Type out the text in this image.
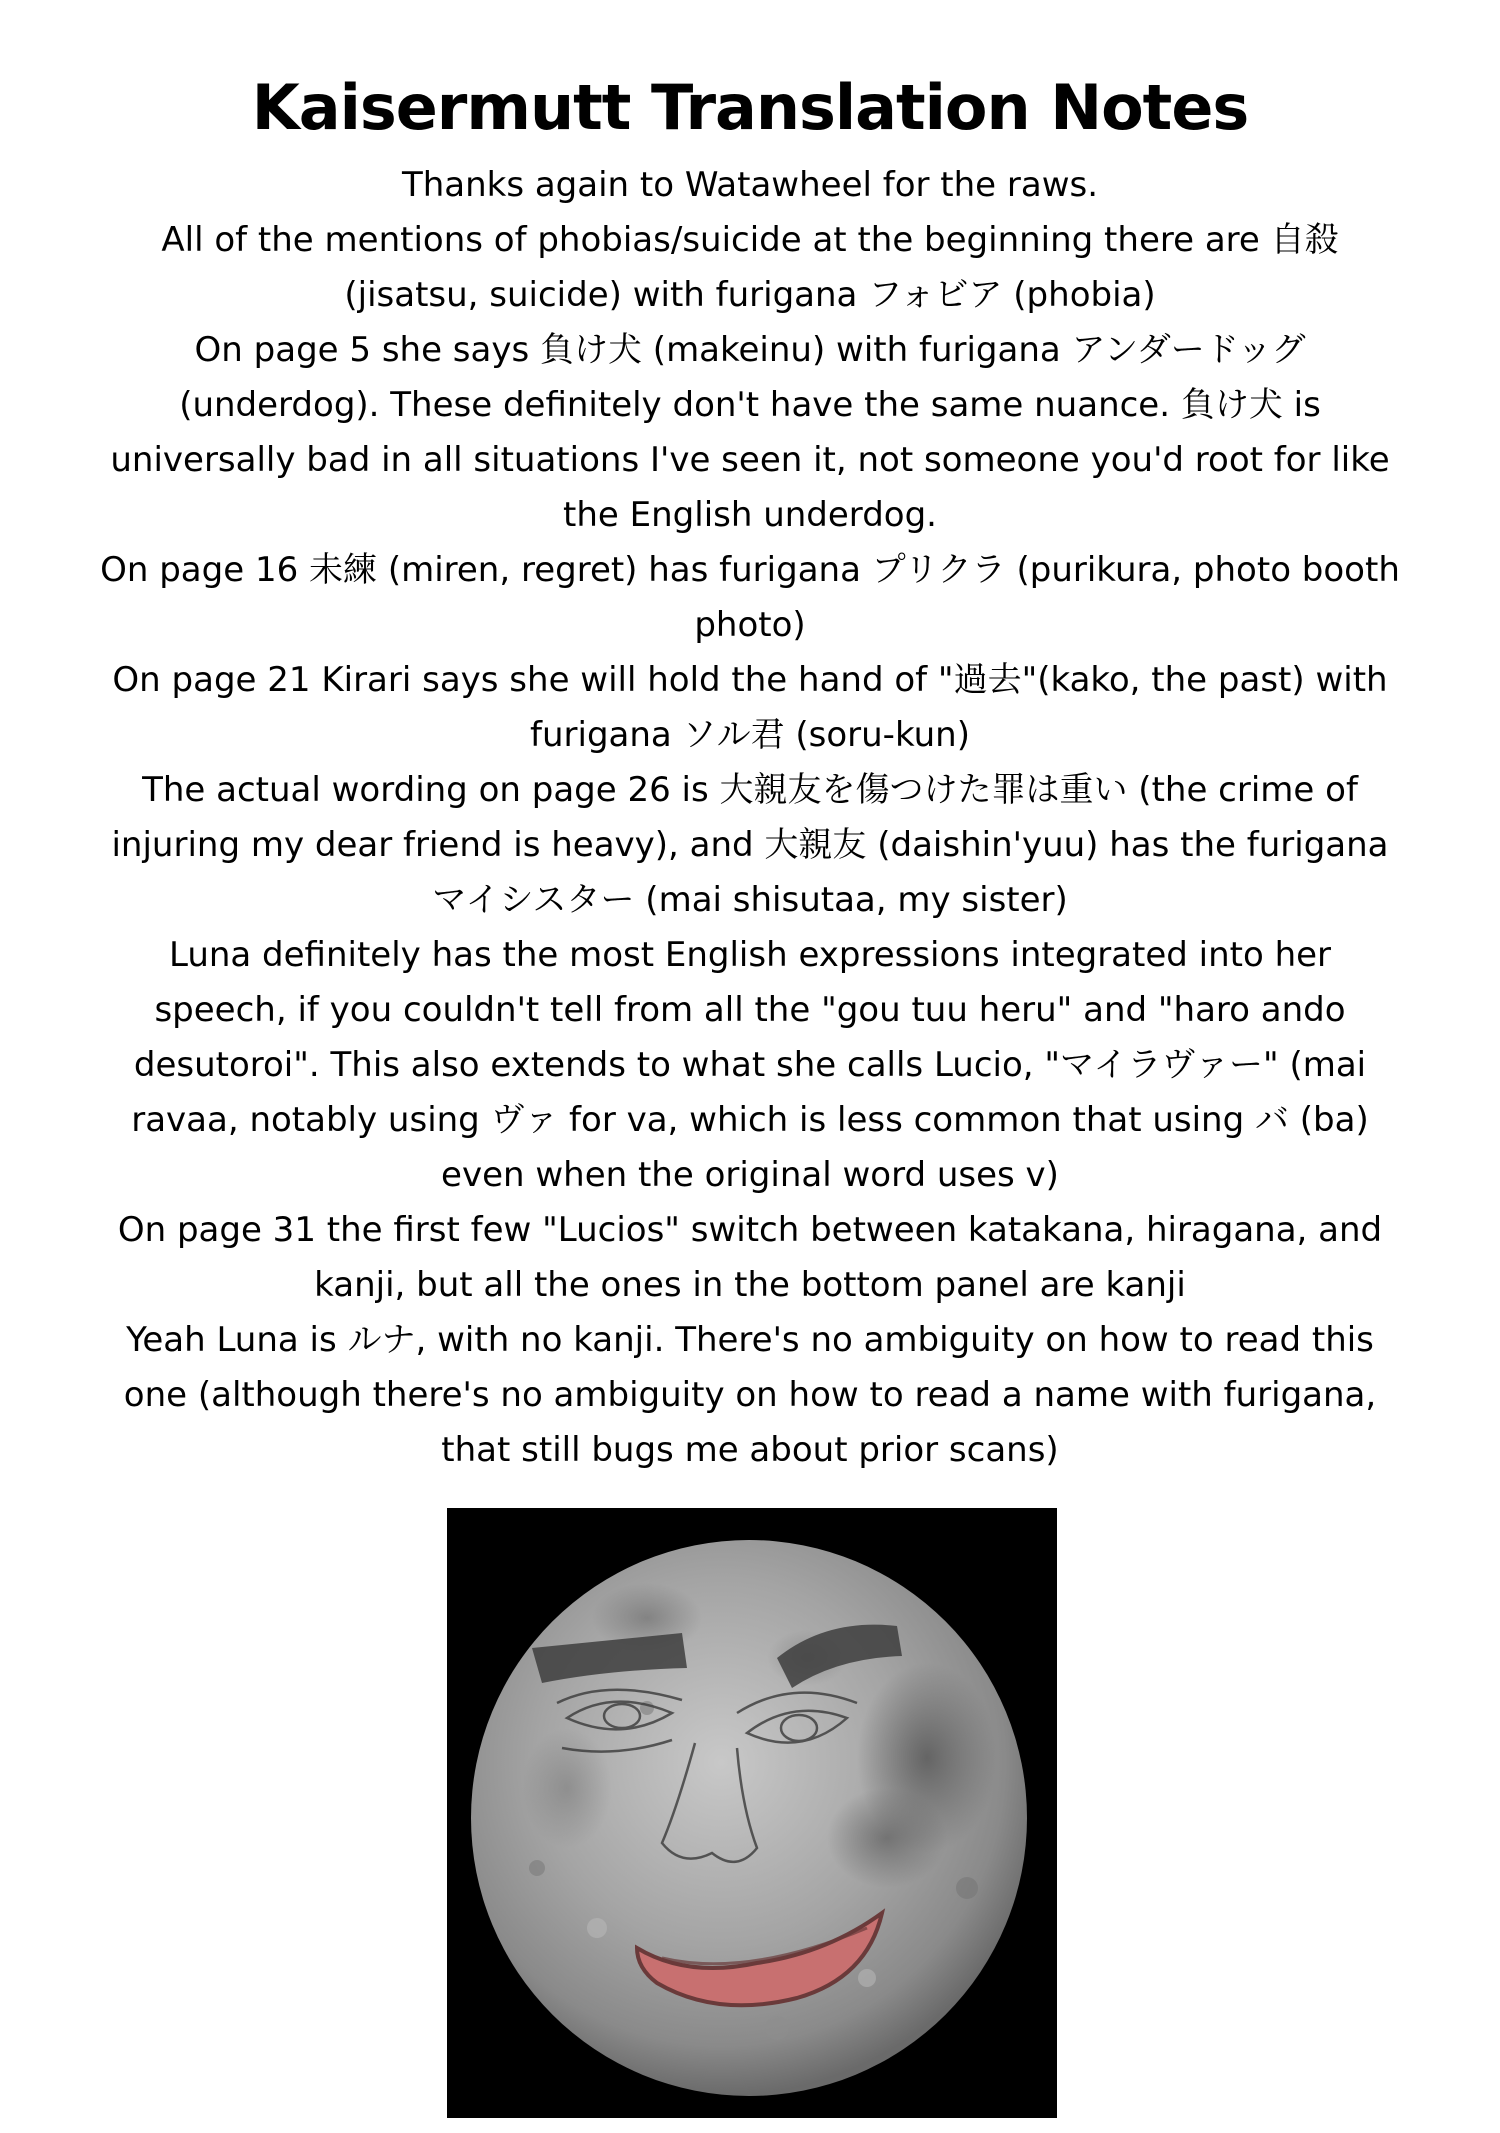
Kaisermutt Translation Notes

Thanks again to Watawheel for the raws.

All of the mentions of phobias/suicide at the beginning there are 自殺 (jisatsu, suicide) with furigana フォビア (phobia)

On page 5 she says 負け犬 (makeinu) with furigana アンダードッグ (underdog). These definitely don't have the same nuance. 負け犬 is universally bad in all situations I've seen it, not someone you'd root for like the English underdog.

On page 16 未練 (miren, regret) has furigana プリクラ (purikura, photo booth photo)

On page 21 Kirari says she will hold the hand of "過去"(kako, the past) with furigana ソル君 (soru-kun)

The actual wording on page 26 is 大親友を傷つけた罪は重い (the crime of injuring my dear friend is heavy), and 大親友 (daishin'yuu) has the furigana マイシスター (mai shisutaa, my sister)

Luna definitely has the most English expressions integrated into her speech, if you couldn't tell from all the "gou tuu heru" and "haro ando desutoroi". This also extends to what she calls Lucio, "マイラヴァー" (mai ravaa, notably using ヴァ for va, which is less common that using バ (ba) even when the original word uses v)

On page 31 the first few "Lucios" switch between katakana, hiragana, and kanji, but all the ones in the bottom panel are kanji

Yeah Luna is ルナ, with no kanji. There's no ambiguity on how to read this one (although there's no ambiguity on how to read a name with furigana, that still bugs me about prior scans)
